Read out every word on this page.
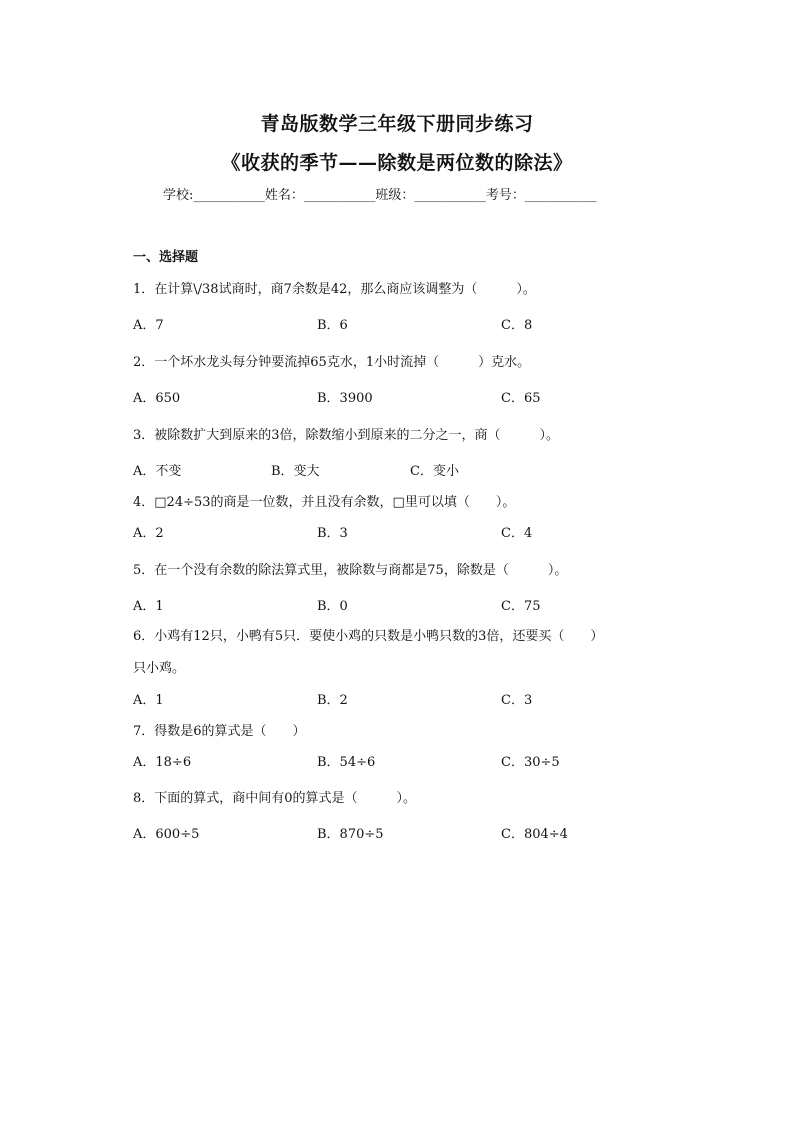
青岛版数学三年级下册同步练习
《收获的季节——除数是两位数的除法》
学校:___________姓名：___________班级：___________考号：___________
一、选择题
1．在计算\/38试商时，商7余数是42，那么商应该调整为（　　　）。
A．7	B．6	C．8
2．一个坏水龙头每分钟要流掉65克水，1小时流掉（　　　）克水。
A．650	B．3900	C．65
3．被除数扩大到原来的3倍，除数缩小到原来的二分之一，商（　　　）。
A．不变	B．变大	C．变小
4．□24÷53的商是一位数，并且没有余数，□里可以填（　　）。
A．2	B．3	C．4
5．在一个没有余数的除法算式里，被除数与商都是75，除数是（　　　）。
A．1	B．0	C．75
6．小鸡有12只，小鸭有5只．要使小鸡的只数是小鸭只数的3倍，还要买（　　）
只小鸡。
A．1	B．2	C．3
7．得数是6的算式是（　　）
A．18÷6	B．54÷6	C．30÷5
8．下面的算式，商中间有0的算式是（　　　）。
A．600÷5	B．870÷5	C．804÷4
